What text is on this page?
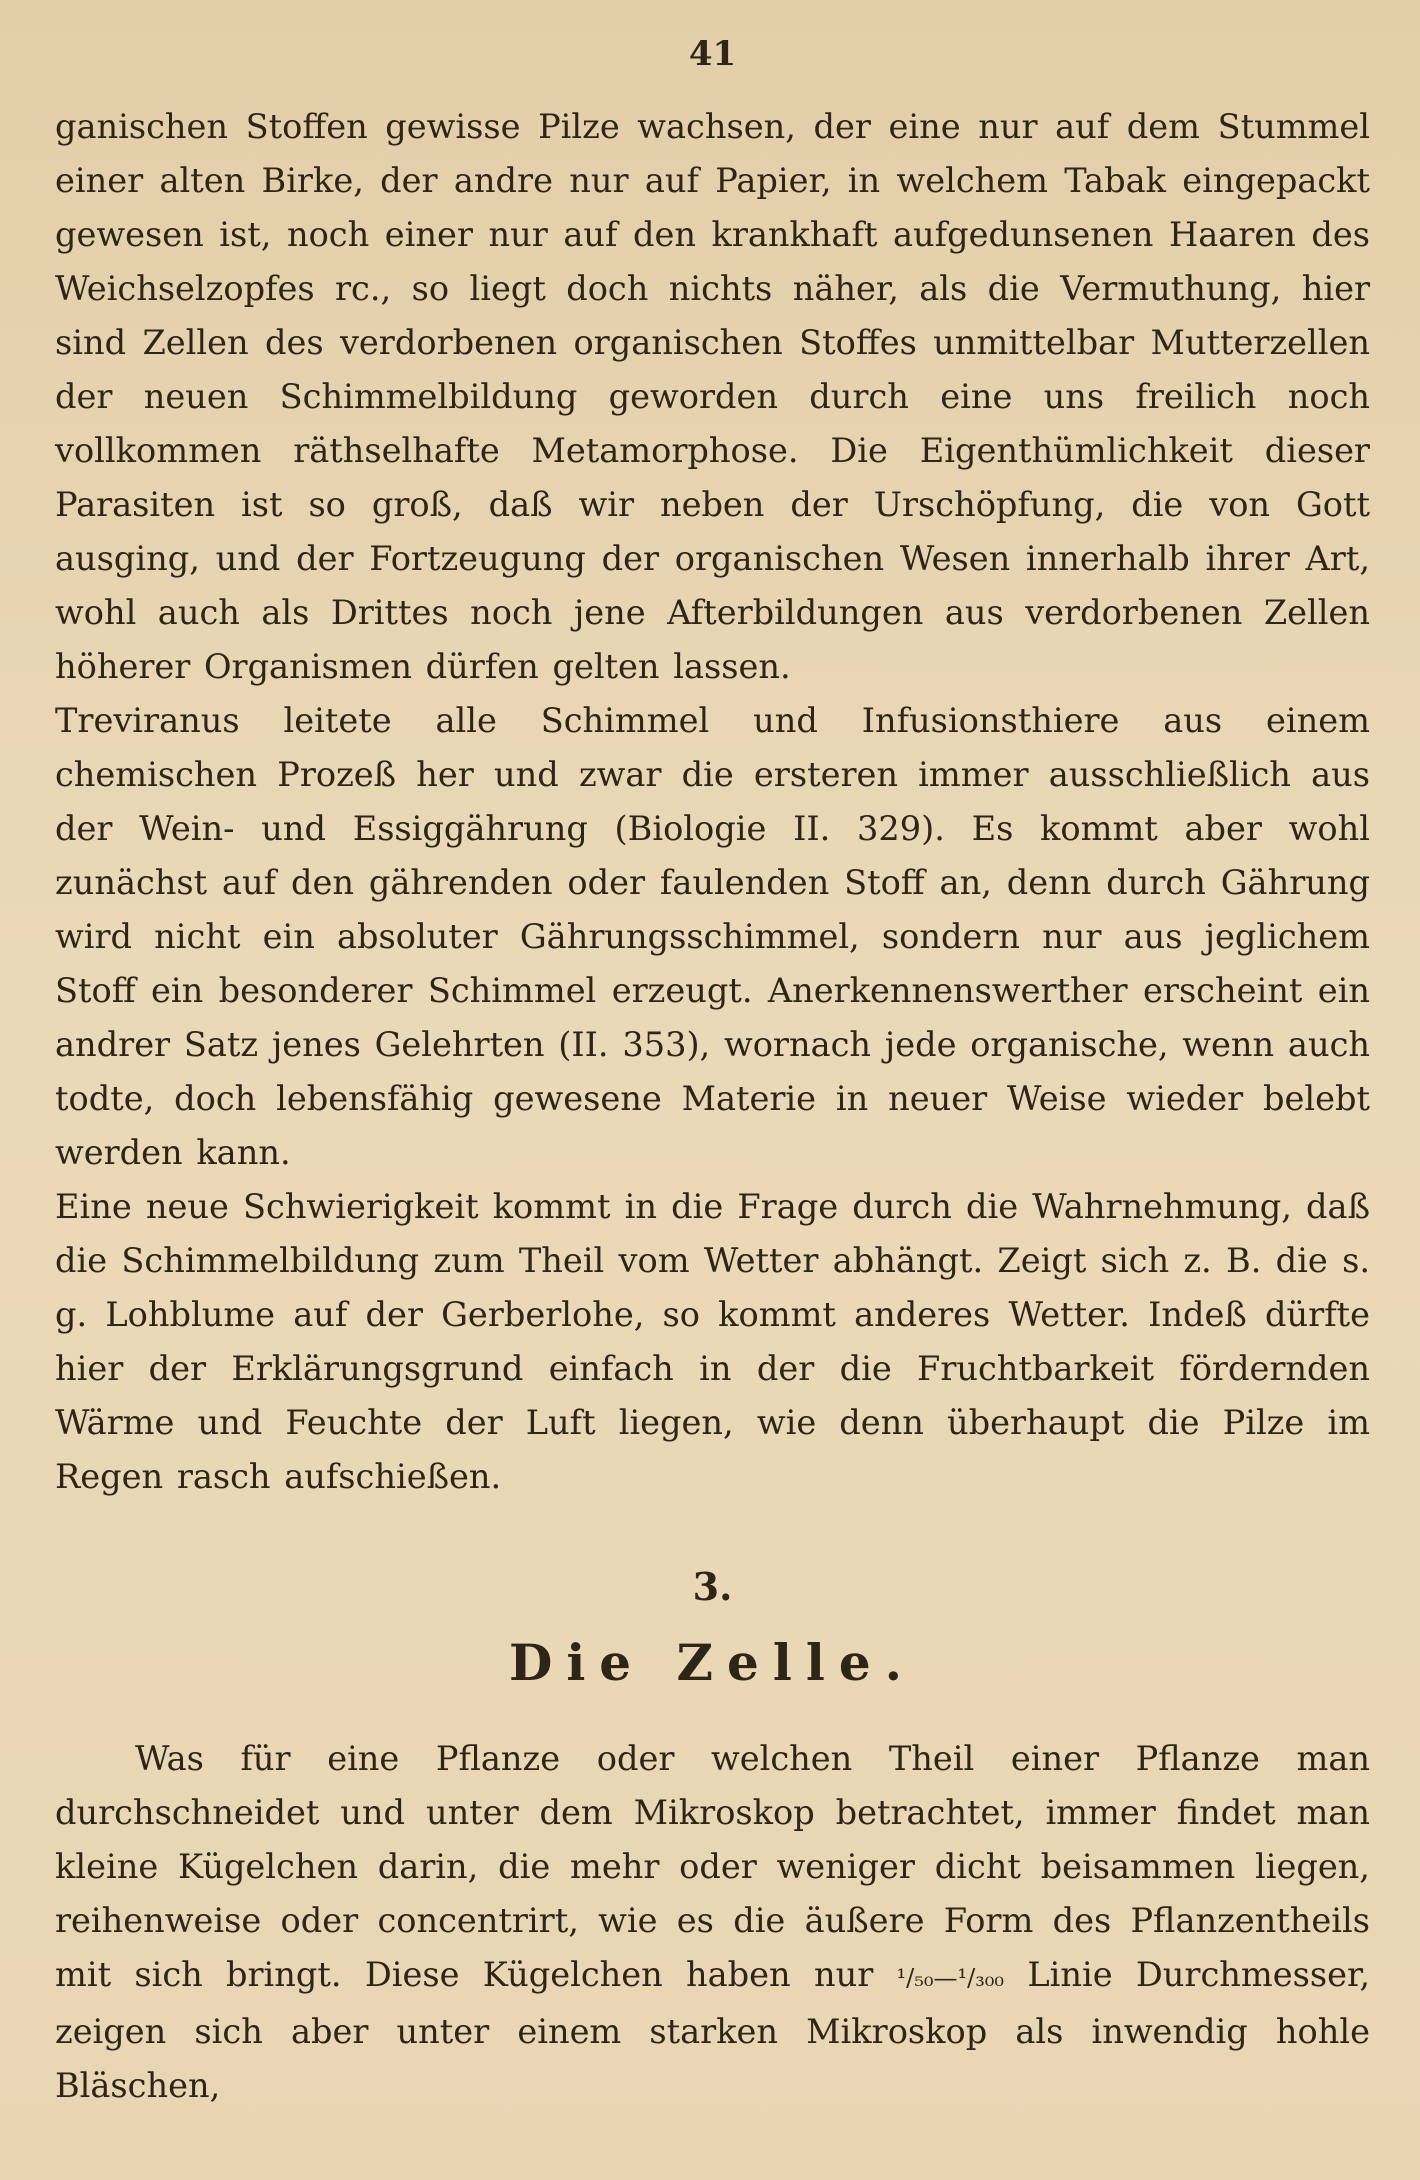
41

ganischen Stoffen gewisse Pilze wachsen, der eine nur auf dem Stummel einer alten Birke, der andre nur auf Papier, in welchem Tabak eingepackt gewesen ist, noch einer nur auf den krankhaft aufgedunsenen Haaren des Weichselzopfes rc., so liegt doch nichts näher, als die Vermuthung, hier sind Zellen des verdorbenen organischen Stoffes unmittelbar Mutterzellen der neuen Schimmelbildung geworden durch eine uns freilich noch vollkommen räthselhafte Metamorphose. Die Eigenthümlichkeit dieser Parasiten ist so groß, daß wir neben der Urschöpfung, die von Gott ausging, und der Fortzeugung der organischen Wesen innerhalb ihrer Art, wohl auch als Drittes noch jene Afterbildungen aus verdorbenen Zellen höherer Organismen dürfen gelten lassen.

Treviranus leitete alle Schimmel und Infusionsthiere aus einem chemischen Prozeß her und zwar die ersteren immer ausschließlich aus der Wein- und Essiggährung (Biologie II. 329). Es kommt aber wohl zunächst auf den gährenden oder faulenden Stoff an, denn durch Gährung wird nicht ein absoluter Gährungsschimmel, sondern nur aus jeglichem Stoff ein besonderer Schimmel erzeugt. Anerkennenswerther erscheint ein andrer Satz jenes Gelehrten (II. 353), wornach jede organische, wenn auch todte, doch lebensfähig gewesene Materie in neuer Weise wieder belebt werden kann.

Eine neue Schwierigkeit kommt in die Frage durch die Wahrnehmung, daß die Schimmelbildung zum Theil vom Wetter abhängt. Zeigt sich z. B. die s. g. Lohblume auf der Gerberlohe, so kommt anderes Wetter. Indeß dürfte hier der Erklärungsgrund einfach in der die Fruchtbarkeit fördernden Wärme und Feuchte der Luft liegen, wie denn überhaupt die Pilze im Regen rasch aufschießen.

3.
Die Zelle.

Was für eine Pflanze oder welchen Theil einer Pflanze man durchschneidet und unter dem Mikroskop betrachtet, immer findet man kleine Kügelchen darin, die mehr oder weniger dicht beisammen liegen, reihenweise oder concentrirt, wie es die äußere Form des Pflanzentheils mit sich bringt. Diese Kügelchen haben nur ¹/₅₀—¹/₃₀₀ Linie Durchmesser, zeigen sich aber unter einem starken Mikroskop als inwendig hohle Bläschen,
